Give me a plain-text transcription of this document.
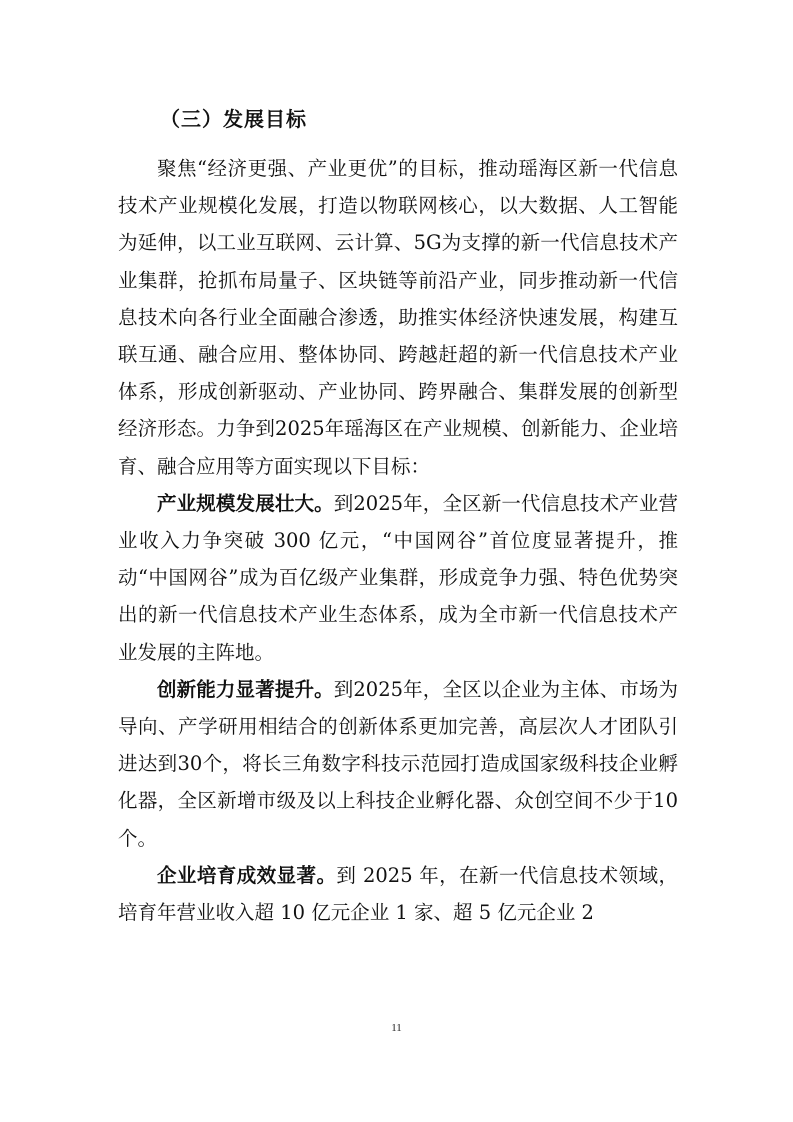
（三）发展目标

聚焦“经济更强、产业更优”的目标，推动瑶海区新一代信息技术产业规模化发展，打造以物联网核心，以大数据、人工智能为延伸，以工业互联网、云计算、5G为支撑的新一代信息技术产业集群，抢抓布局量子、区块链等前沿产业，同步推动新一代信息技术向各行业全面融合渗透，助推实体经济快速发展，构建互联互通、融合应用、整体协同、跨越赶超的新一代信息技术产业体系，形成创新驱动、产业协同、跨界融合、集群发展的创新型经济形态。力争到2025年瑶海区在产业规模、创新能力、企业培育、融合应用等方面实现以下目标：

产业规模发展壮大。到2025年，全区新一代信息技术产业营业收入力争突破 300 亿元，“中国网谷”首位度显著提升，推动“中国网谷”成为百亿级产业集群，形成竞争力强、特色优势突出的新一代信息技术产业生态体系，成为全市新一代信息技术产业发展的主阵地。

创新能力显著提升。到2025年，全区以企业为主体、市场为导向、产学研用相结合的创新体系更加完善，高层次人才团队引进达到30个，将长三角数字科技示范园打造成国家级科技企业孵化器，全区新增市级及以上科技企业孵化器、众创空间不少于10个。

企业培育成效显著。到 2025 年，在新一代信息技术领域，培育年营业收入超 10 亿元企业 1 家、超 5 亿元企业 2

11
